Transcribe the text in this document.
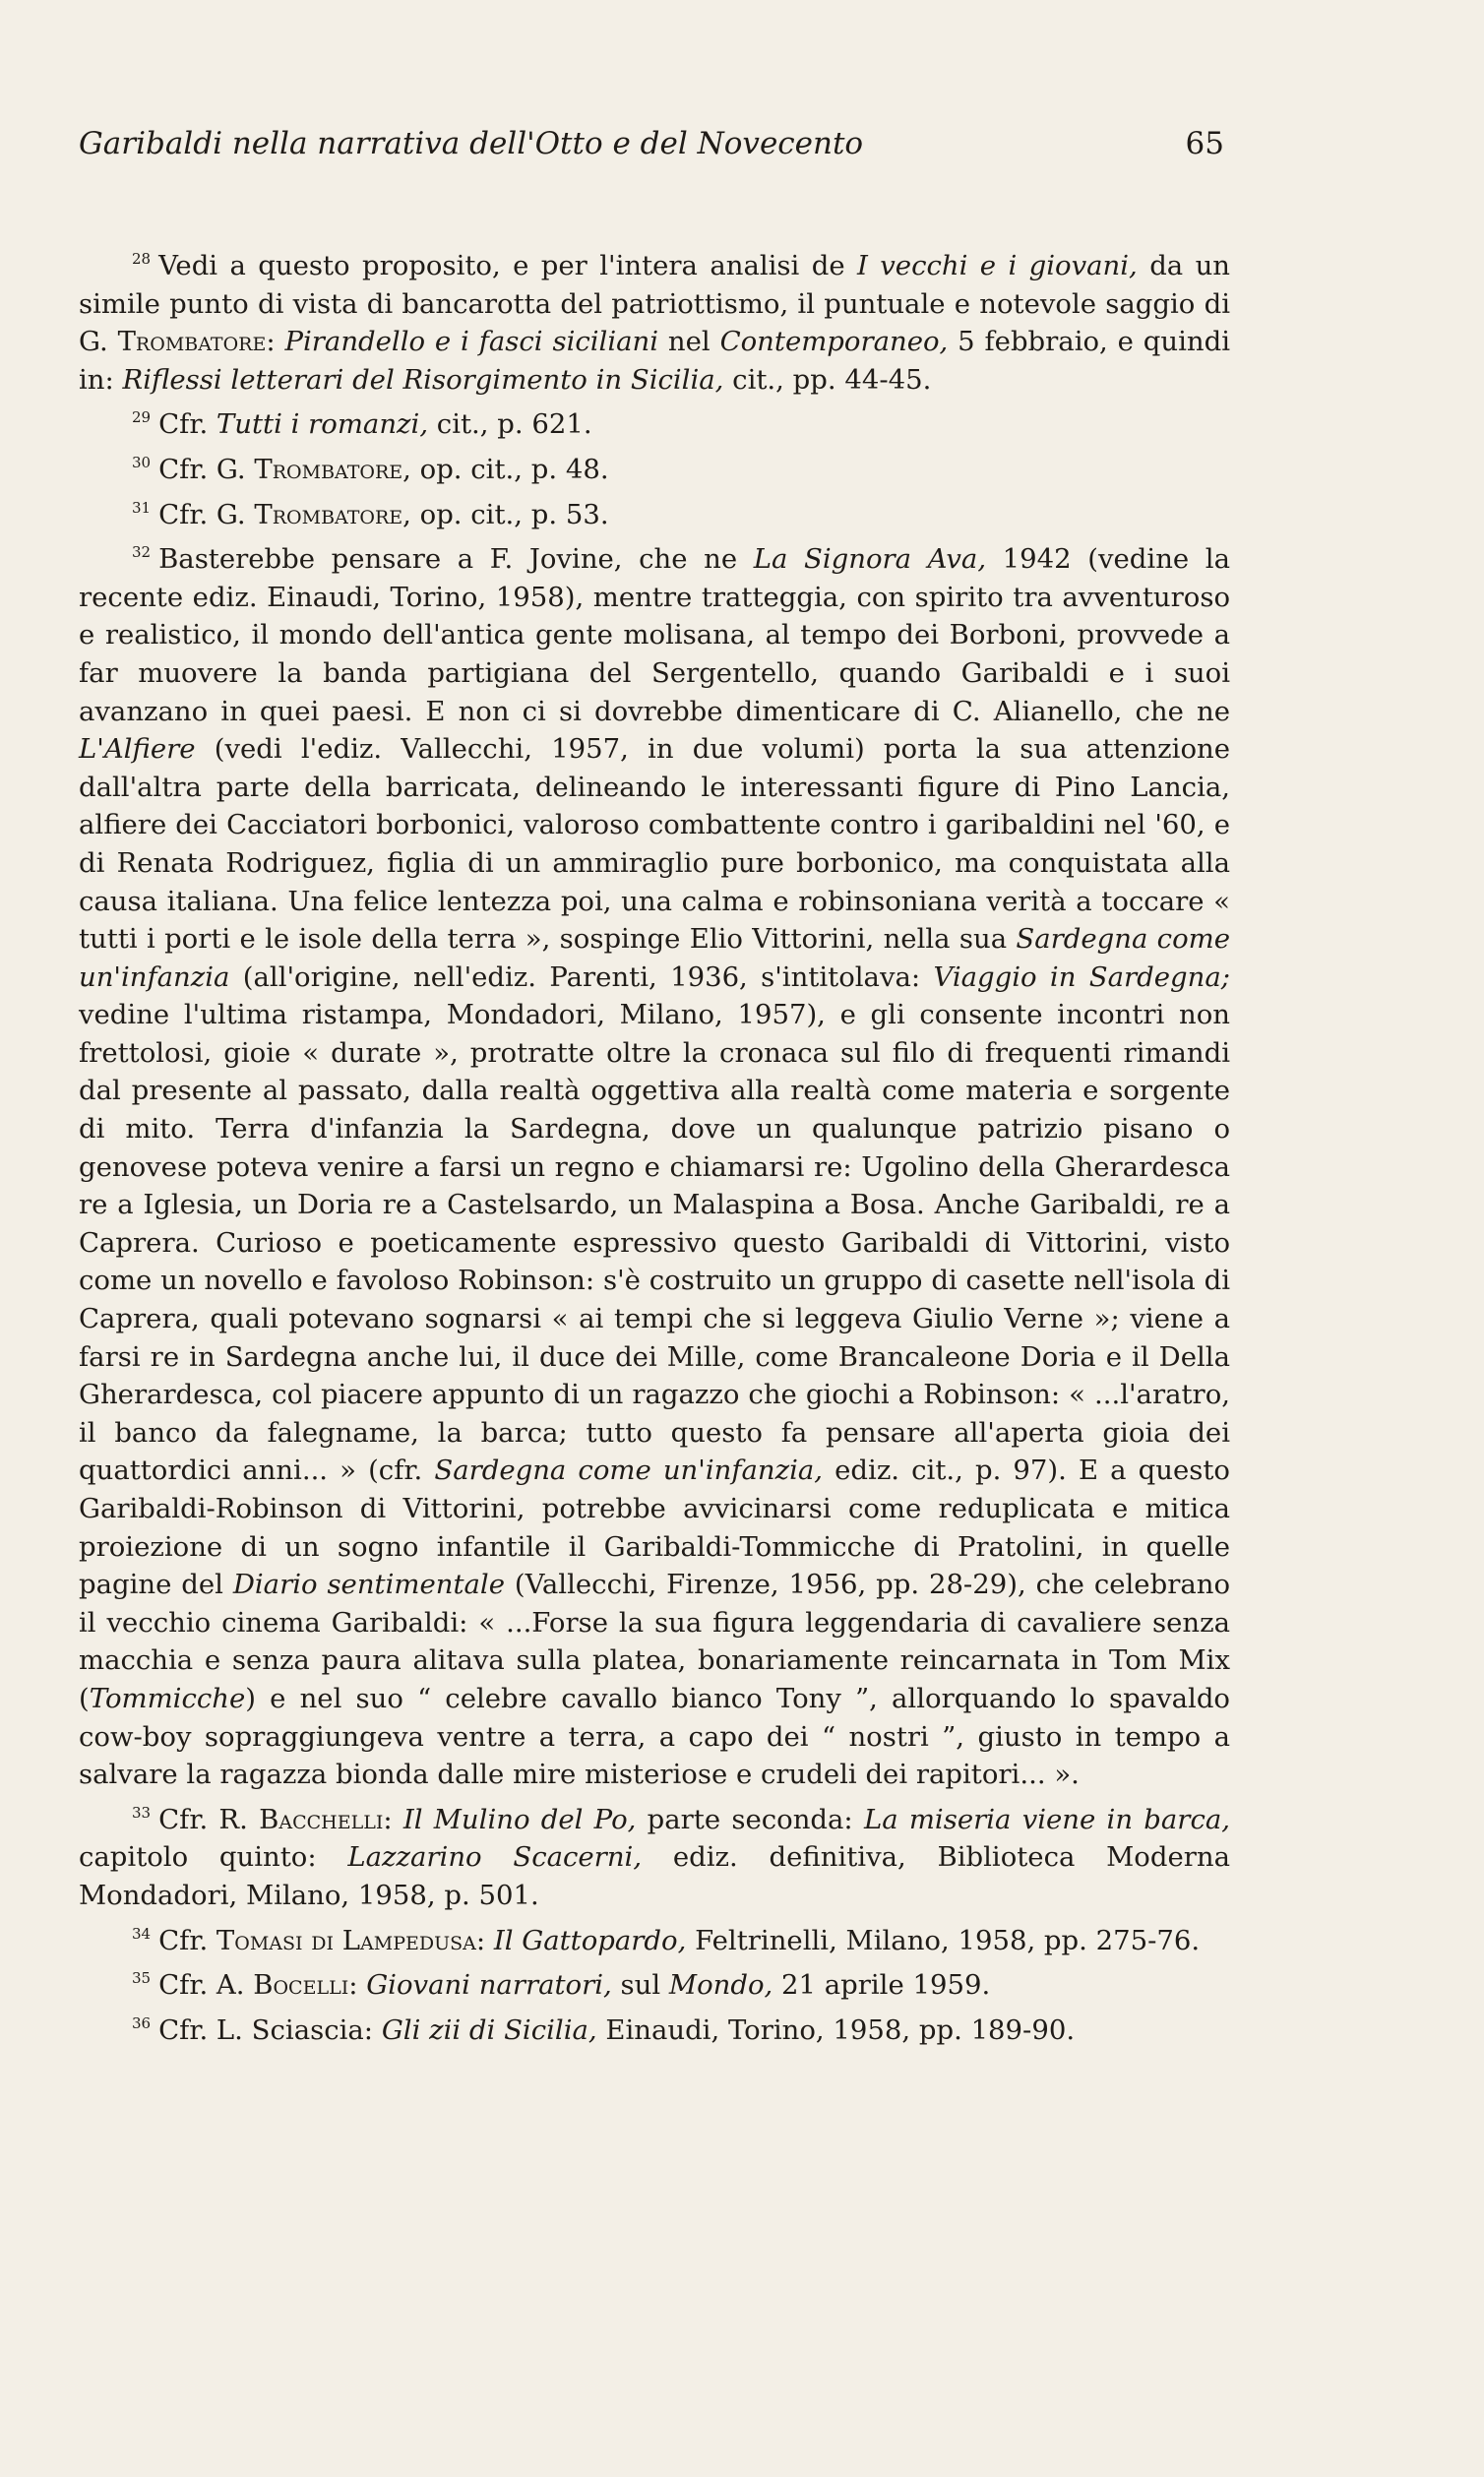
Garibaldi nella narrativa dell'Otto e del Novecento	65

$^{28}$ Vedi a questo proposito, e per l'intera analisi de I vecchi e i giovani, da un simile punto di vista di bancarotta del patriottismo, il puntuale e notevole saggio di G. Trombatore: Pirandello e i fasci siciliani nel Contemporaneo, 5 febbraio, e quindi in: Riflessi letterari del Risorgimento in Sicilia, cit., pp. 44-45.

$^{29}$ Cfr. Tutti i romanzi, cit., p. 621.

$^{30}$ Cfr. G. Trombatore, op. cit., p. 48.

$^{31}$ Cfr. G. Trombatore, op. cit., p. 53.

$^{32}$ Basterebbe pensare a F. Jovine, che ne La Signora Ava, 1942 (vedine la recente ediz. Einaudi, Torino, 1958), mentre tratteggia, con spirito tra avventuroso e realistico, il mondo dell'antica gente molisana, al tempo dei Borboni, provvede a far muovere la banda partigiana del Sergentello, quando Garibaldi e i suoi avanzano in quei paesi. E non ci si dovrebbe dimenticare di C. Alianello, che ne L'Alfiere (vedi l'ediz. Vallecchi, 1957, in due volumi) porta la sua attenzione dall'altra parte della barricata, delineando le interessanti figure di Pino Lancia, alfiere dei Cacciatori borbonici, valoroso combattente contro i garibaldini nel '60, e di Renata Rodriguez, figlia di un ammiraglio pure borbonico, ma conquistata alla causa italiana. Una felice lentezza poi, una calma e robinsoniana verità a toccare « tutti i porti e le isole della terra », sospinge Elio Vittorini, nella sua Sardegna come un'infanzia (all'origine, nell'ediz. Parenti, 1936, s'intitolava: Viaggio in Sardegna; vedine l'ultima ristampa, Mondadori, Milano, 1957), e gli consente incontri non frettolosi, gioie « durate », protratte oltre la cronaca sul filo di frequenti rimandi dal presente al passato, dalla realtà oggettiva alla realtà come materia e sorgente di mito. Terra d'infanzia la Sardegna, dove un qualunque patrizio pisano o genovese poteva venire a farsi un regno e chiamarsi re: Ugolino della Gherardesca re a Iglesia, un Doria re a Castelsardo, un Malaspina a Bosa. Anche Garibaldi, re a Caprera. Curioso e poeticamente espressivo questo Garibaldi di Vittorini, visto come un novello e favoloso Robinson: s'è costruito un gruppo di casette nell'isola di Caprera, quali potevano sognarsi « ai tempi che si leggeva Giulio Verne »; viene a farsi re in Sardegna anche lui, il duce dei Mille, come Brancaleone Doria e il Della Gherardesca, col piacere appunto di un ragazzo che giochi a Robinson: « ...l'aratro, il banco da falegname, la barca; tutto questo fa pensare all'aperta gioia dei quattordici anni... » (cfr. Sardegna come un'infanzia, ediz. cit., p. 97). E a questo Garibaldi-Robinson di Vittorini, potrebbe avvicinarsi come reduplicata e mitica proiezione di un sogno infantile il Garibaldi-Tommicche di Pratolini, in quelle pagine del Diario sentimentale (Vallecchi, Firenze, 1956, pp. 28-29), che celebrano il vecchio cinema Garibaldi: « ...Forse la sua figura leggendaria di cavaliere senza macchia e senza paura alitava sulla platea, bonariamente reincarnata in Tom Mix (Tommicche) e nel suo “ celebre cavallo bianco Tony ”, allorquando lo spavaldo cow-boy sopraggiungeva ventre a terra, a capo dei “ nostri ”, giusto in tempo a salvare la ragazza bionda dalle mire misteriose e crudeli dei rapitori... ».

$^{33}$ Cfr. R. Bacchelli: Il Mulino del Po, parte seconda: La miseria viene in barca, capitolo quinto: Lazzarino Scacerni, ediz. definitiva, Biblioteca Moderna Mondadori, Milano, 1958, p. 501.

$^{34}$ Cfr. Tomasi di Lampedusa: Il Gattopardo, Feltrinelli, Milano, 1958, pp. 275-76.

$^{35}$ Cfr. A. Bocelli: Giovani narratori, sul Mondo, 21 aprile 1959.

$^{36}$ Cfr. L. Sciascia: Gli zii di Sicilia, Einaudi, Torino, 1958, pp. 189-90.
